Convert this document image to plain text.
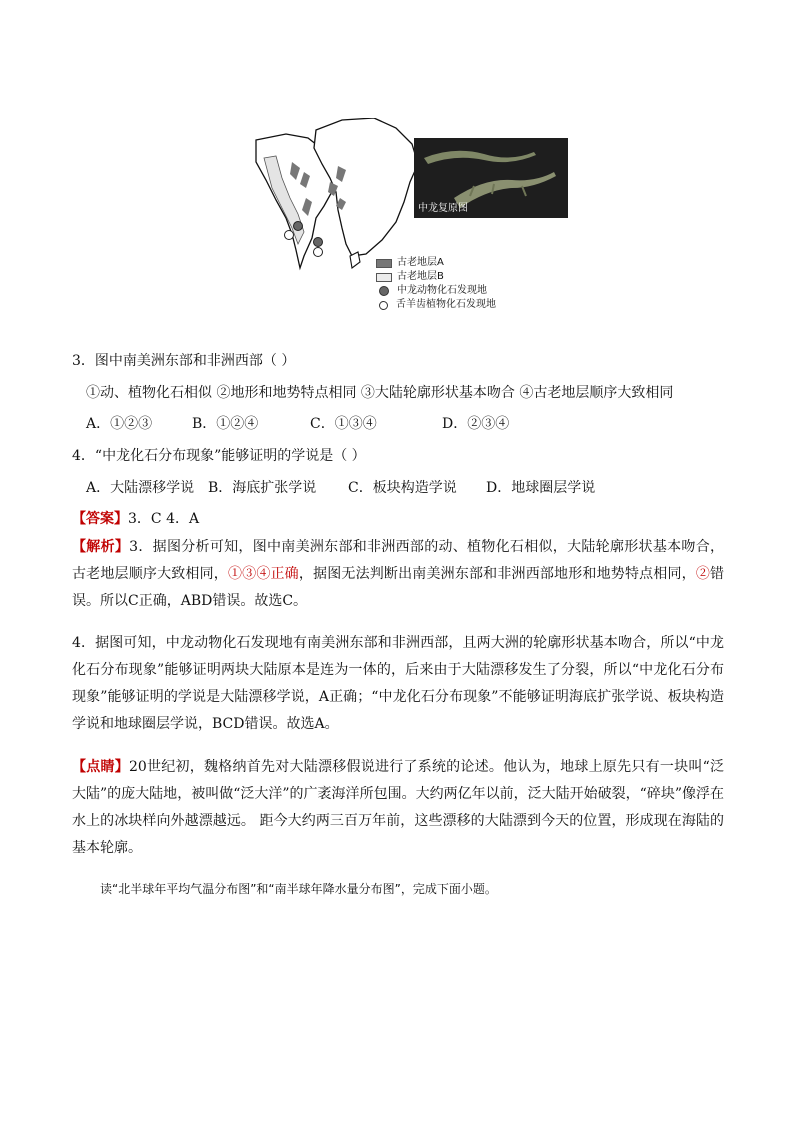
中龙复原图
古老地层A
古老地层B
中龙动物化石发现地
舌羊齿植物化石发现地
3．图中南美洲东部和非洲西部（ ）
①动、植物化石相似 ②地形和地势特点相同 ③大陆轮廓形状基本吻合 ④古老地层顺序大致相同
A．①②③	B．①②④	C．①③④	D．②③④
4．“中龙化石分布现象”能够证明的学说是（ ）
A．大陆漂移学说 B．海底扩张学说 C．板块构造学说 D．地球圈层学说
【答案】3．C 4．A
【解析】3．据图分析可知，图中南美洲东部和非洲西部的动、植物化石相似，大陆轮廓形状基本吻合，古老地层顺序大致相同，①③④正确，据图无法判断出南美洲东部和非洲西部地形和地势特点相同，②错误。所以C正确，ABD错误。故选C。
4．据图可知，中龙动物化石发现地有南美洲东部和非洲西部，且两大洲的轮廓形状基本吻合，所以“中龙化石分布现象”能够证明两块大陆原本是连为一体的，后来由于大陆漂移发生了分裂，所以“中龙化石分布现象”能够证明的学说是大陆漂移学说，A正确；“中龙化石分布现象”不能够证明海底扩张学说、板块构造学说和地球圈层学说，BCD错误。故选A。
【点睛】20世纪初，魏格纳首先对大陆漂移假说进行了系统的论述。他认为，地球上原先只有一块叫“泛大陆”的庞大陆地，被叫做“泛大洋”的广袤海洋所包围。大约两亿年以前，泛大陆开始破裂，“碎块”像浮在水上的冰块样向外越漂越远。 距今大约两三百万年前，这些漂移的大陆漂到今天的位置，形成现在海陆的基本轮廓。
读“北半球年平均气温分布图”和“南半球年降水量分布图”，完成下面小题。
